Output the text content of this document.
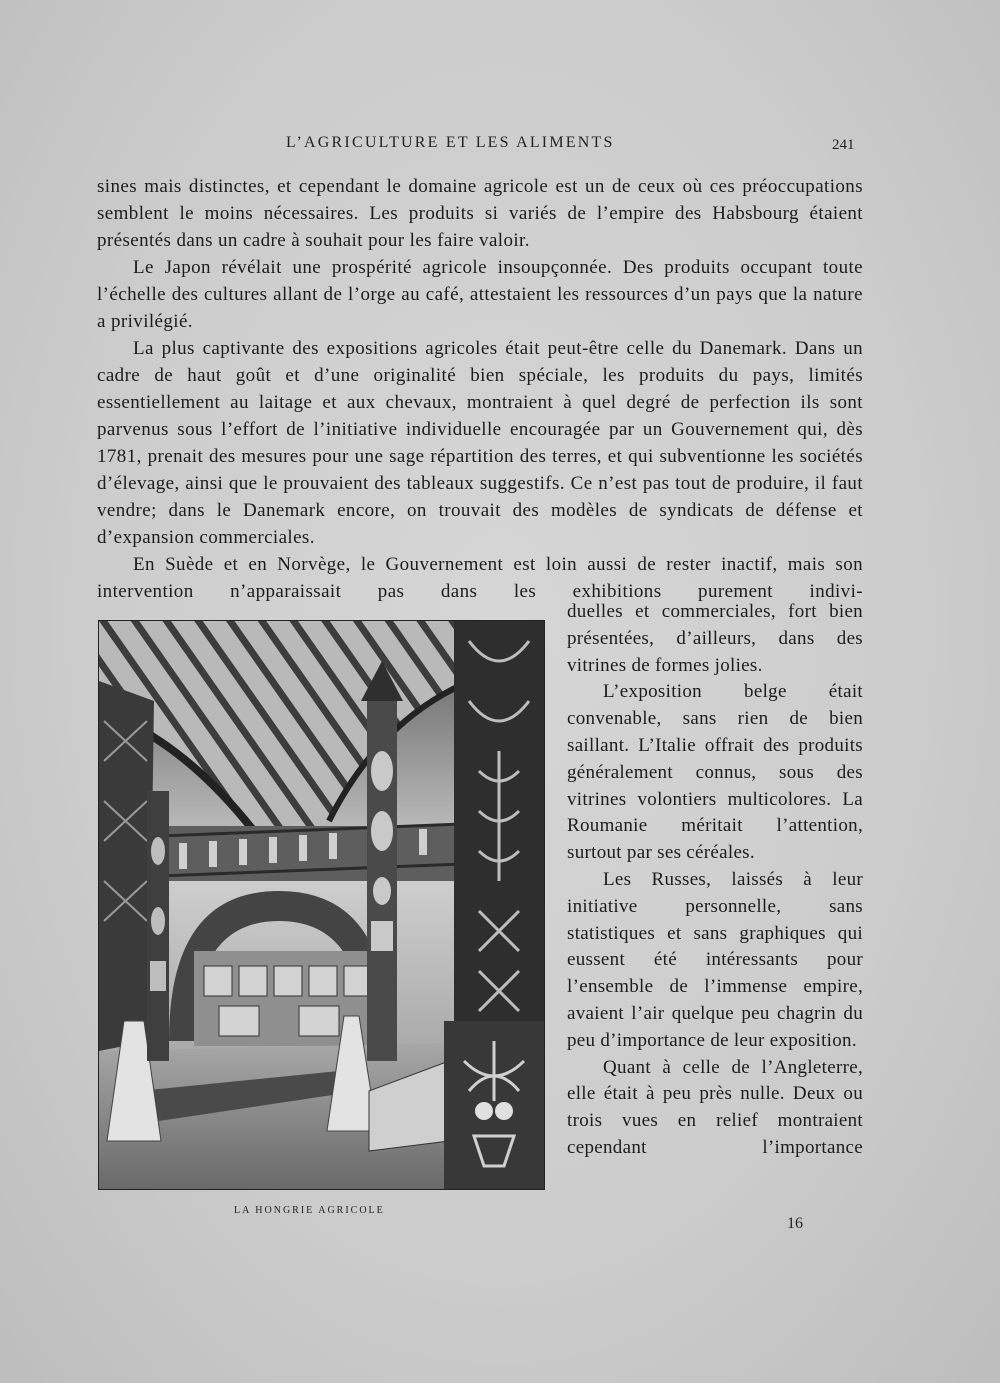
L’AGRICULTURE ET LES ALIMENTS	241

sines mais distinctes, et cependant le domaine agricole est un de ceux où ces préoccupations semblent le moins nécessaires. Les produits si variés de l’empire des Habsbourg étaient présentés dans un cadre à souhait pour les faire valoir.

Le Japon révélait une prospérité agricole insoupçonnée. Des produits occupant toute l’échelle des cultures allant de l’orge au café, attestaient les ressources d’un pays que la nature a privilégié.

La plus captivante des expositions agricoles était peut-être celle du Danemark. Dans un cadre de haut goût et d’une originalité bien spéciale, les produits du pays, limités essentiellement au laitage et aux chevaux, montraient à quel degré de perfection ils sont parvenus sous l’effort de l’initiative individuelle encouragée par un Gouvernement qui, dès 1781, prenait des mesures pour une sage répartition des terres, et qui subventionne les sociétés d’élevage, ainsi que le prouvaient des tableaux suggestifs. Ce n’est pas tout de produire, il faut vendre; dans le Danemark encore, on trouvait des modèles de syndicats de défense et d’expansion commerciales.

En Suède et en Norvège, le Gouvernement est loin aussi de rester inactif, mais son intervention n’apparaissait pas dans les exhibitions purement indivi-

LA HONGRIE AGRICOLE

duelles et commerciales, fort bien présentées, d’ailleurs, dans des vitrines de formes jolies.

L’exposition belge était convenable, sans rien de bien saillant. L’Italie offrait des produits généralement connus, sous des vitrines volontiers multicolores. La Roumanie méritait l’attention, surtout par ses céréales.

Les Russes, laissés à leur initiative personnelle, sans statistiques et sans graphiques qui eussent été intéressants pour l’ensemble de l’immense empire, avaient l’air quelque peu chagrin du peu d’importance de leur exposition.

Quant à celle de l’Angleterre, elle était à peu près nulle. Deux ou trois vues en relief montraient cependant l’importance

16
